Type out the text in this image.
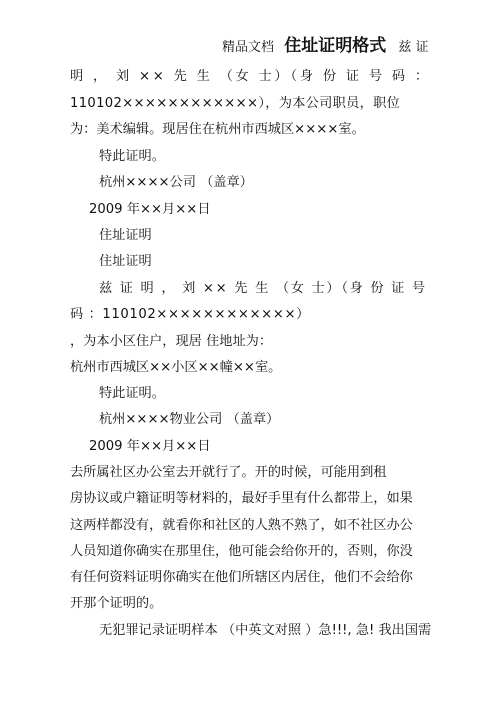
精品文档 住址证明格式 兹 证
明 ， 刘 ×× 先 生 （女 士）（身 份 证 号 码 ：
110102××××××××××××），为本公司职员，职位
为：美术编辑。现居住在杭州市西城区××××室。
特此证明。
杭州××××公司 （盖章）
2009 年××月××日
住址证明
住址证明
兹 证 明 ， 刘 ×× 先 生 （女 士）（身 份 证 号
码 ：110102××××××××××××）
，为本小区住户，现居 住地址为：
杭州市西城区××小区××幢××室。
特此证明。
杭州××××物业公司 （盖章）
2009 年××月××日
去所属社区办公室去开就行了。开的时候，可能用到租
房协议或户籍证明等材料的，最好手里有什么都带上，如果
这两样都没有，就看你和社区的人熟不熟了，如不社区办公
人员知道你确实在那里住，他可能会给你开的，否则，你没
有任何资料证明你确实在他们所辖区内居住，他们不会给你
开那个证明的。
无犯罪记录证明样本 （中英文对照 ）急!!!, 急! 我出国需
